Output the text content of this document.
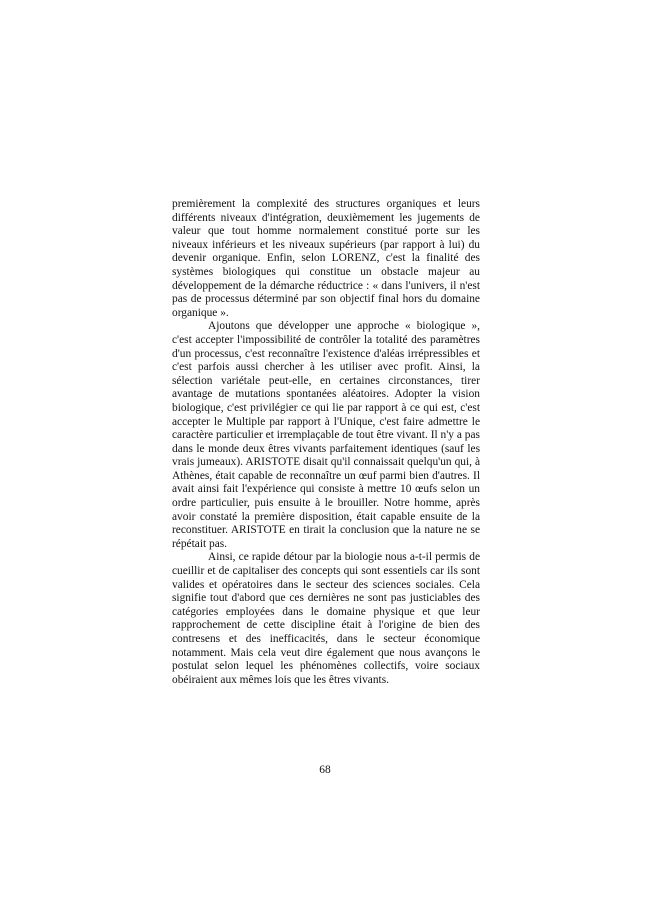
premièrement la complexité des structures organiques et leurs différents niveaux d'intégration, deuxièmement les jugements de valeur que tout homme normalement constitué porte sur les niveaux inférieurs et les niveaux supérieurs (par rapport à lui) du devenir organique. Enfin, selon LORENZ, c'est la finalité des systèmes biologiques qui constitue un obstacle majeur au développement de la démarche réductrice : « dans l'univers, il n'est pas de processus déterminé par son objectif final hors du domaine organique ».

Ajoutons que développer une approche « biologique », c'est accepter l'impossibilité de contrôler la totalité des paramètres d'un processus, c'est reconnaître l'existence d'aléas irrépressibles et c'est parfois aussi chercher à les utiliser avec profit. Ainsi, la sélection variétale peut-elle, en certaines circonstances, tirer avantage de mutations spontanées aléatoires. Adopter la vision biologique, c'est privilégier ce qui lie par rapport à ce qui est, c'est accepter le Multiple par rapport à l'Unique, c'est faire admettre le caractère particulier et irremplaçable de tout être vivant. Il n'y a pas dans le monde deux êtres vivants parfaitement identiques (sauf les vrais jumeaux). ARISTOTE disait qu'il connaissait quelqu'un qui, à Athènes, était capable de reconnaître un œuf parmi bien d'autres. Il avait ainsi fait l'expérience qui consiste à mettre 10 œufs selon un ordre particulier, puis ensuite à le brouiller. Notre homme, après avoir constaté la première disposition, était capable ensuite de la reconstituer. ARISTOTE en tirait la conclusion que la nature ne se répétait pas.

Ainsi, ce rapide détour par la biologie nous a-t-il permis de cueillir et de capitaliser des concepts qui sont essentiels car ils sont valides et opératoires dans le secteur des sciences sociales. Cela signifie tout d'abord que ces dernières ne sont pas justiciables des catégories employées dans le domaine physique et que leur rapprochement de cette discipline était à l'origine de bien des contresens et des inefficacités, dans le secteur économique notamment. Mais cela veut dire également que nous avançons le postulat selon lequel les phénomènes collectifs, voire sociaux obéiraient aux mêmes lois que les êtres vivants.

68
